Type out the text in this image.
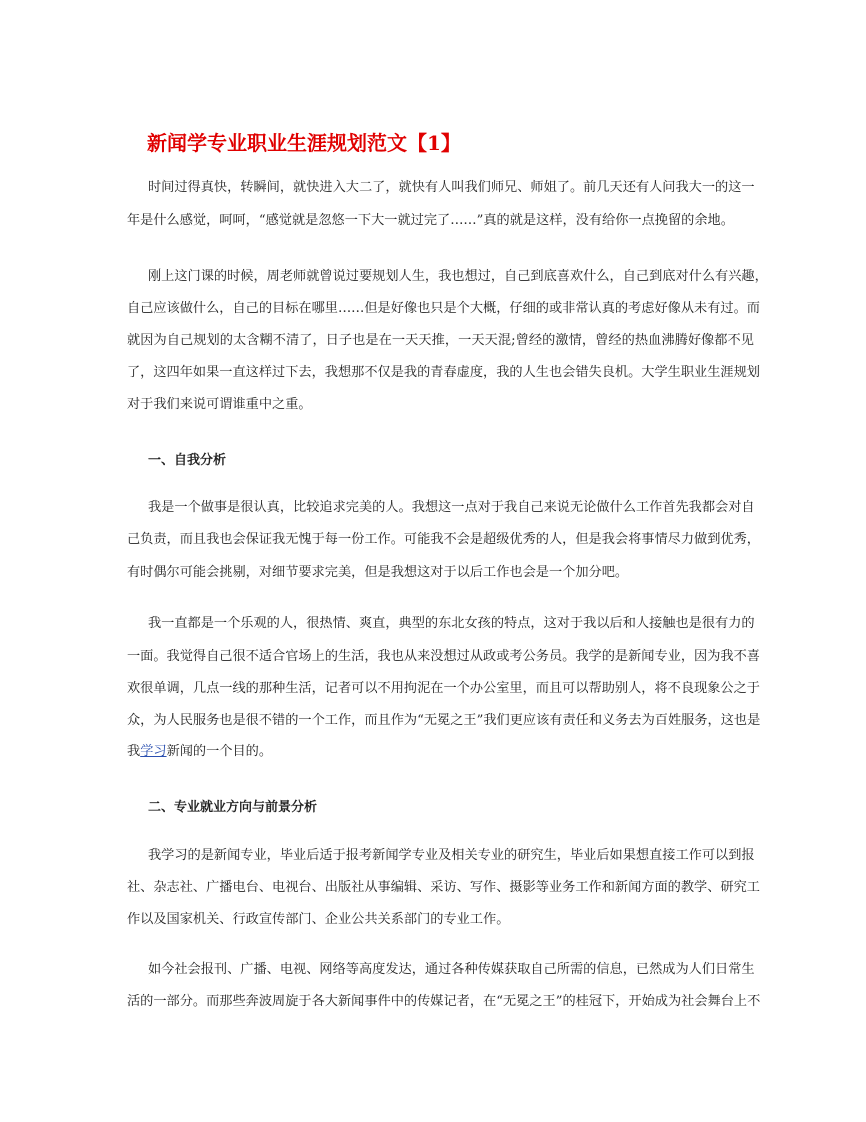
新闻学专业职业生涯规划范文【1】
时间过得真快，转瞬间，就快进入大二了，就快有人叫我们师兄、师姐了。前几天还有人问我大一的这一
年是什么感觉，呵呵，“感觉就是忽悠一下大一就过完了……”真的就是这样，没有给你一点挽留的余地。
刚上这门课的时候，周老师就曾说过要规划人生，我也想过，自己到底喜欢什么，自己到底对什么有兴趣，
自己应该做什么，自己的目标在哪里……但是好像也只是个大概，仔细的或非常认真的考虑好像从未有过。而
就因为自己规划的太含糊不清了，日子也是在一天天推，一天天混;曾经的激情，曾经的热血沸腾好像都不见
了，这四年如果一直这样过下去，我想那不仅是我的青春虚度，我的人生也会错失良机。大学生职业生涯规划
对于我们来说可谓谁重中之重。
一、自我分析
我是一个做事是很认真，比较追求完美的人。我想这一点对于我自己来说无论做什么工作首先我都会对自
己负责，而且我也会保证我无愧于每一份工作。可能我不会是超级优秀的人，但是我会将事情尽力做到优秀，
有时偶尔可能会挑剔，对细节要求完美，但是我想这对于以后工作也会是一个加分吧。
我一直都是一个乐观的人，很热情、爽直，典型的东北女孩的特点，这对于我以后和人接触也是很有力的
一面。我觉得自己很不适合官场上的生活，我也从来没想过从政或考公务员。我学的是新闻专业，因为我不喜
欢很单调，几点一线的那种生活，记者可以不用拘泥在一个办公室里，而且可以帮助别人，将不良现象公之于
众，为人民服务也是很不错的一个工作，而且作为“无冕之王”我们更应该有责任和义务去为百姓服务，这也是
我学习新闻的一个目的。
二、专业就业方向与前景分析
我学习的是新闻专业，毕业后适于报考新闻学专业及相关专业的研究生，毕业后如果想直接工作可以到报
社、杂志社、广播电台、电视台、出版社从事编辑、采访、写作、摄影等业务工作和新闻方面的教学、研究工
作以及国家机关、行政宣传部门、企业公共关系部门的专业工作。
如今社会报刊、广播、电视、网络等高度发达，通过各种传媒获取自己所需的信息，已然成为人们日常生
活的一部分。而那些奔波周旋于各大新闻事件中的传媒记者，在“无冕之王”的桂冠下，开始成为社会舞台上不
